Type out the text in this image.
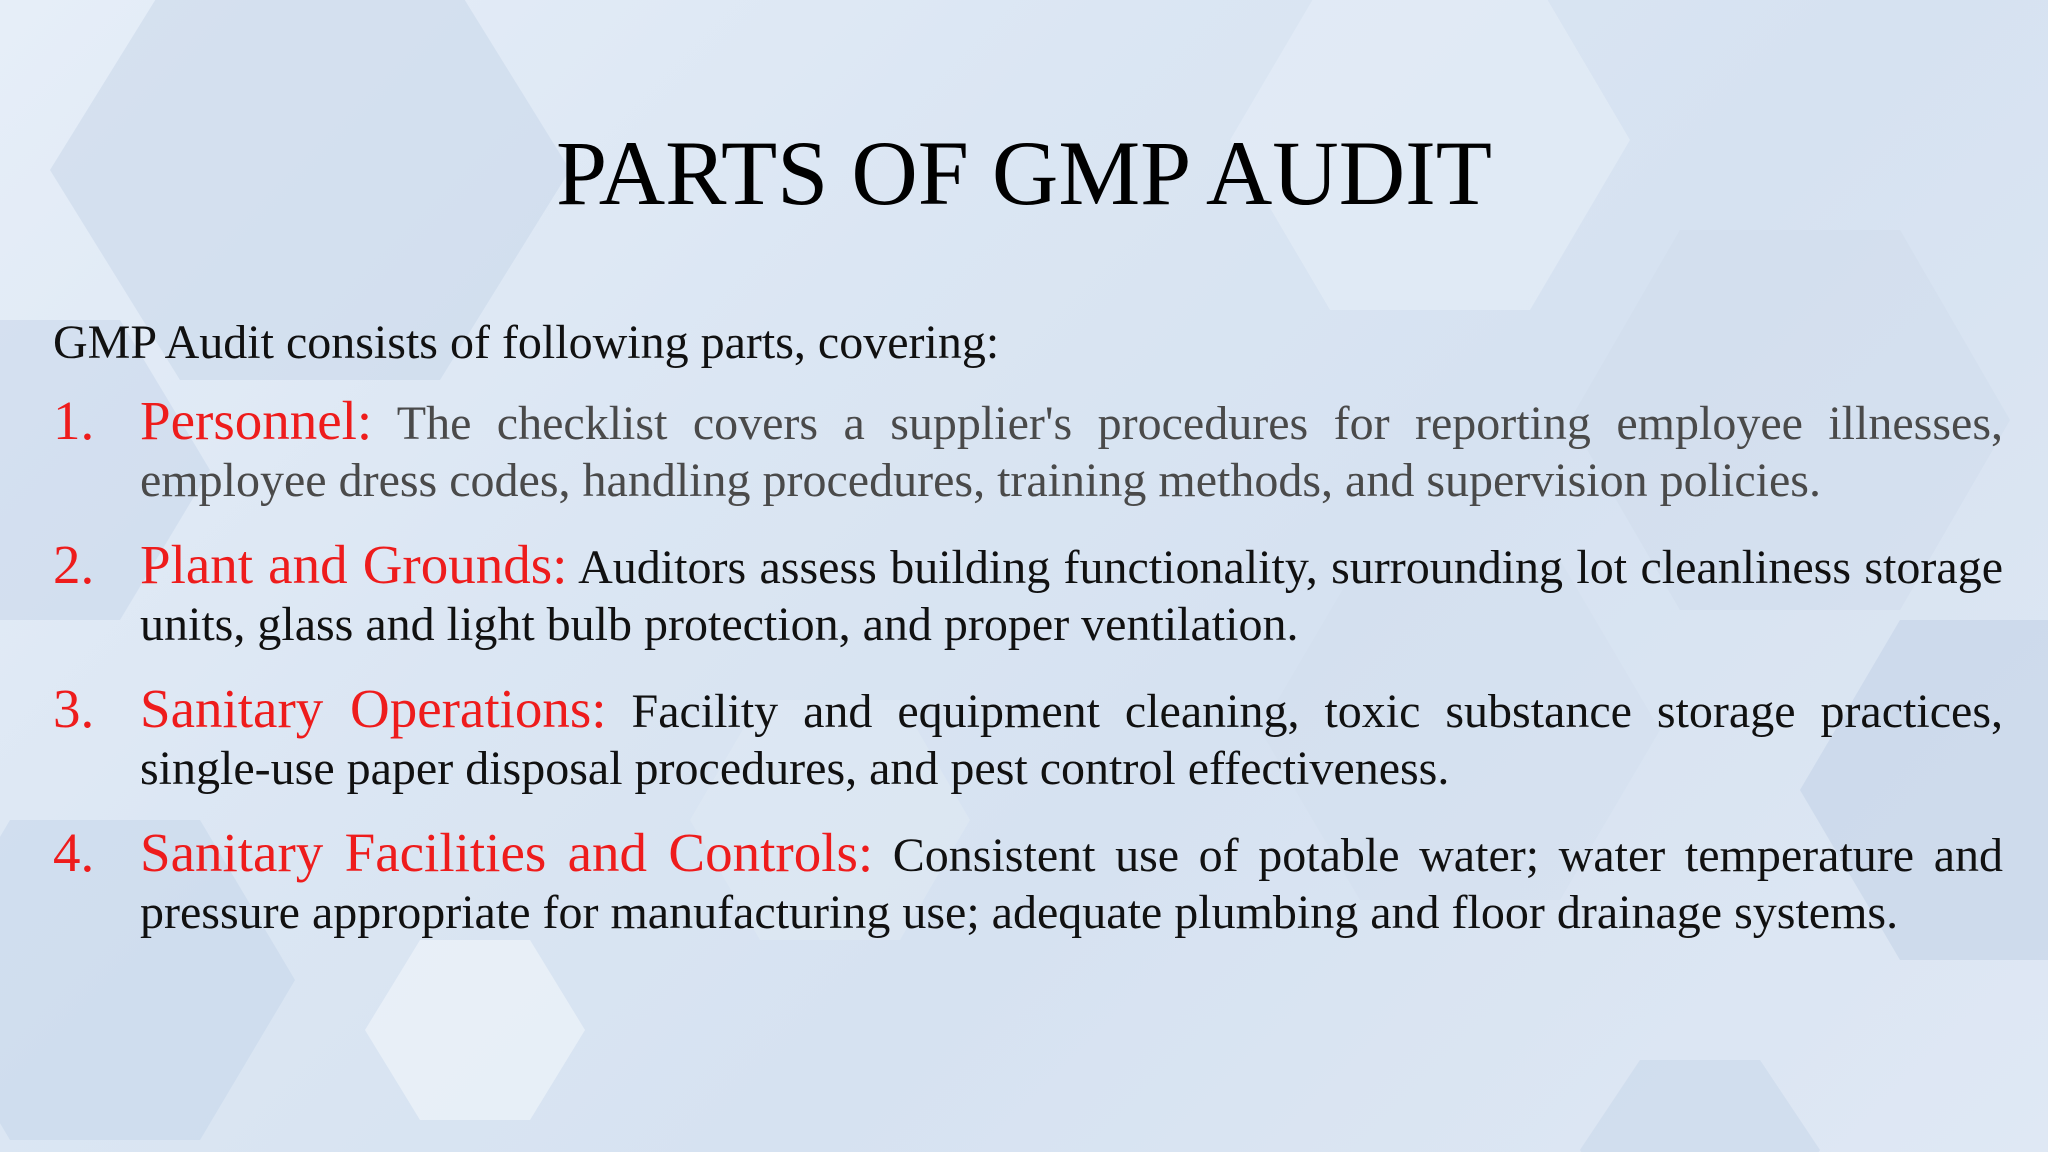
PARTS OF GMP AUDIT
GMP Audit consists of following parts, covering:
1. Personnel: The checklist covers a supplier's procedures for reporting employee illnesses, employee dress codes, handling procedures, training methods, and supervision policies.
2. Plant and Grounds: Auditors assess building functionality, surrounding lot cleanliness storage units, glass and light bulb protection, and proper ventilation.
3. Sanitary Operations: Facility and equipment cleaning, toxic substance storage practices, single-use paper disposal procedures, and pest control effectiveness.
4. Sanitary Facilities and Controls: Consistent use of potable water; water temperature and pressure appropriate for manufacturing use; adequate plumbing and floor drainage systems.
